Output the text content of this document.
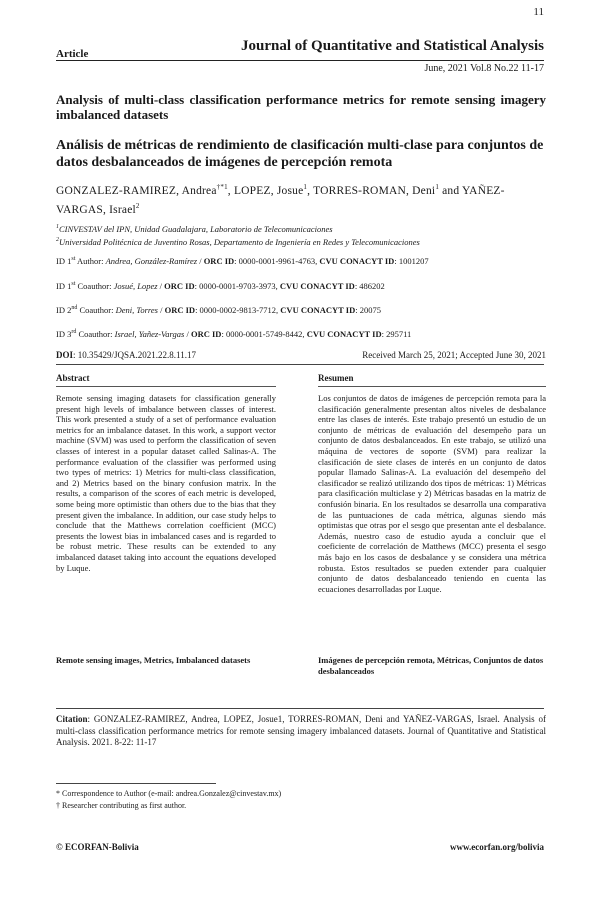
11
Article	Journal of Quantitative and Statistical Analysis
June, 2021 Vol.8 No.22 11-17
Analysis of multi-class classification performance metrics for remote sensing imagery imbalanced datasets
Análisis de métricas de rendimiento de clasificación multi-clase para conjuntos de datos desbalanceados de imágenes de percepción remota
GONZALEZ-RAMIREZ, Andrea$^{\dagger*1}$, LOPEZ, Josue$^1$, TORRES-ROMAN, Deni$^1$ and YAÑEZ-VARGAS, Israel$^2$
$^1$CINVESTAV del IPN, Unidad Guadalajara, Laboratorio de Telecomunicaciones
$^2$Universidad Politécnica de Juventino Rosas, Departamento de Ingeniería en Redes y Telecomunicaciones
ID 1st Author: Andrea, González-Ramírez / ORC ID: 0000-0001-9961-4763, CVU CONACYT ID: 1001207
ID 1st Coauthor: Josué, Lopez / ORC ID: 0000-0001-9703-3973, CVU CONACYT ID: 486202
ID 2nd Coauthor: Deni, Torres / ORC ID: 0000-0002-9813-7712, CVU CONACYT ID: 20075
ID 3rd Coauthor: Israel, Yañez-Vargas / ORC ID: 0000-0001-5749-8442, CVU CONACYT ID: 295711
DOI: 10.35429/JQSA.2021.22.8.11.17	Received March 25, 2021; Accepted June 30, 2021
Abstract
Remote sensing imaging datasets for classification generally present high levels of imbalance between classes of interest. This work presented a study of a set of performance evaluation metrics for an imbalance dataset. In this work, a support vector machine (SVM) was used to perform the classification of seven classes of interest in a popular dataset called Salinas-A. The performance evaluation of the classifier was performed using two types of metrics: 1) Metrics for multi-class classification, and 2) Metrics based on the binary confusion matrix. In the results, a comparison of the scores of each metric is developed, some being more optimistic than others due to the bias that they present given the imbalance. In addition, our case study helps to conclude that the Matthews correlation coefficient (MCC) presents the lowest bias in imbalanced cases and is regarded to be robust metric. These results can be extended to any imbalanced dataset taking into account the equations developed by Luque.
Remote sensing images, Metrics, Imbalanced datasets
Resumen
Los conjuntos de datos de imágenes de percepción remota para la clasificación generalmente presentan altos niveles de desbalance entre las clases de interés. Este trabajo presentó un estudio de un conjunto de métricas de evaluación del desempeño para un conjunto de datos desbalanceados. En este trabajo, se utilizó una máquina de vectores de soporte (SVM) para realizar la clasificación de siete clases de interés en un conjunto de datos popular llamado Salinas-A. La evaluación del desempeño del clasificador se realizó utilizando dos tipos de métricas: 1) Métricas para clasificación multiclase y 2) Métricas basadas en la matriz de confusión binaria. En los resultados se desarrolla una comparativa de las puntuaciones de cada métrica, algunas siendo más optimistas que otras por el sesgo que presentan ante el desbalance. Además, nuestro caso de estudio ayuda a concluir que el coeficiente de correlación de Matthews (MCC) presenta el sesgo más bajo en los casos de desbalance y se considera una métrica robusta. Estos resultados se pueden extender para cualquier conjunto de datos desbalanceado teniendo en cuenta las ecuaciones desarrolladas por Luque.
Imágenes de percepción remota, Métricas, Conjuntos de datos desbalanceados
Citation: GONZALEZ-RAMIREZ, Andrea, LOPEZ, Josue1, TORRES-ROMAN, Deni and YAÑEZ-VARGAS, Israel. Analysis of multi-class classification performance metrics for remote sensing imagery imbalanced datasets. Journal of Quantitative and Statistical Analysis. 2021. 8-22: 11-17
* Correspondence to Author (e-mail: andrea.Gonzalez@cinvestav.mx)
† Researcher contributing as first author.
© ECORFAN-Bolivia	www.ecorfan.org/bolivia
